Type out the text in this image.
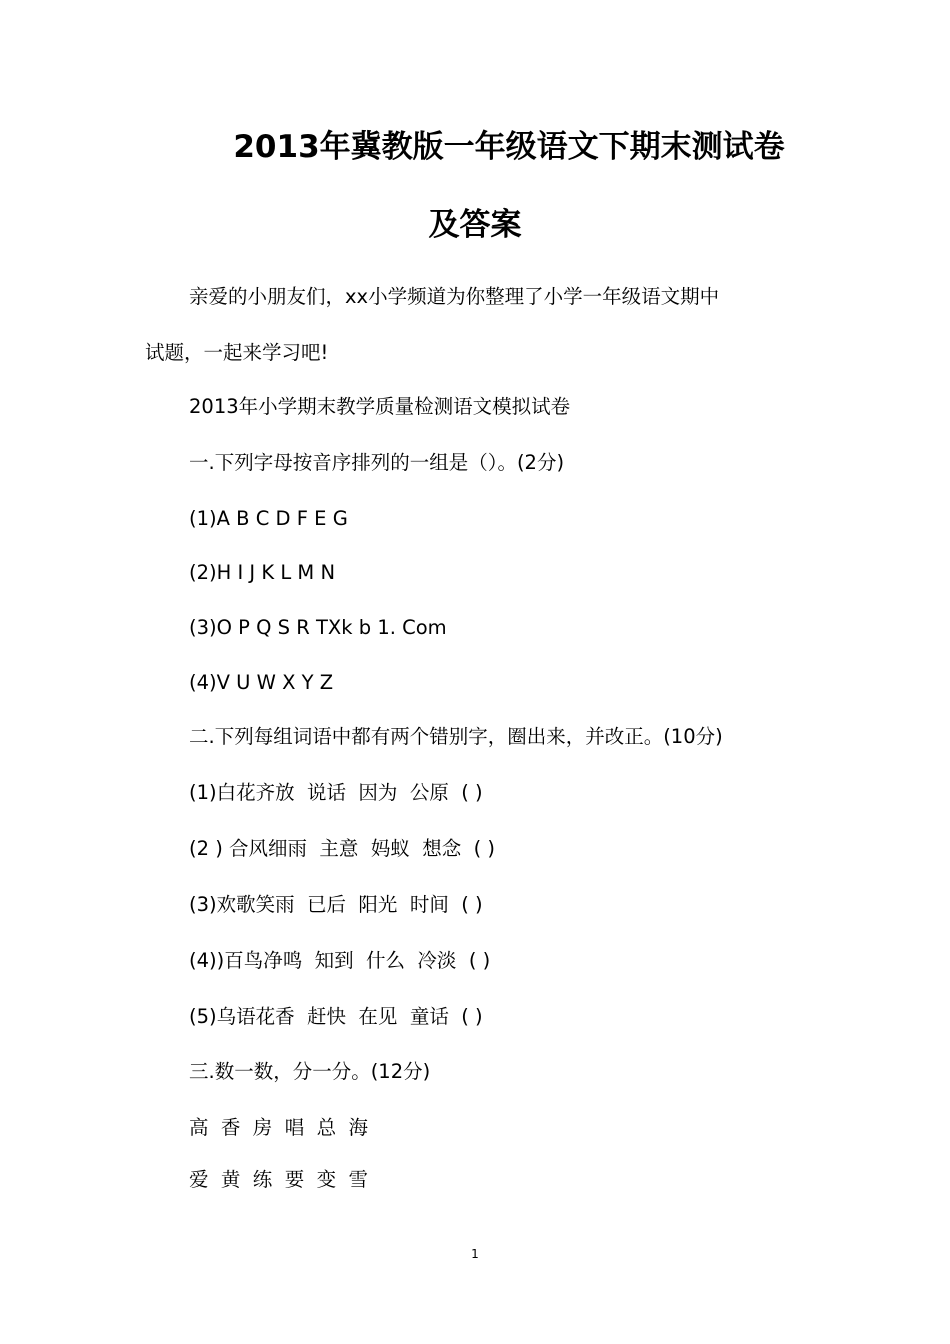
2013年冀教版一年级语文下期末测试卷
及答案
亲爱的小朋友们，xx小学频道为你整理了小学一年级语文期中
试题，一起来学习吧!
2013年小学期末教学质量检测语文模拟试卷
一.下列字母按音序排列的一组是（）。(2分)
(1)A B C D F E G
(2)H I J K L M N
(3)O P Q S R TXk b 1. Com
(4)V U W X Y Z
二.下列每组词语中都有两个错别字，圈出来，并改正。(10分)
(1)白花齐放  说话  因为  公原  ( )
(2 ) 合风细雨  主意  妈蚁  想念  ( )
(3)欢歌笑雨  已后  阳光  时间  ( )
(4))百鸟净鸣  知到  什么  冷淡  ( )
(5)乌语花香  赶快  在见  童话  ( )
三.数一数，分一分。(12分)
高  香  房  唱  总  海
爱  黄  练  要  变  雪
1
